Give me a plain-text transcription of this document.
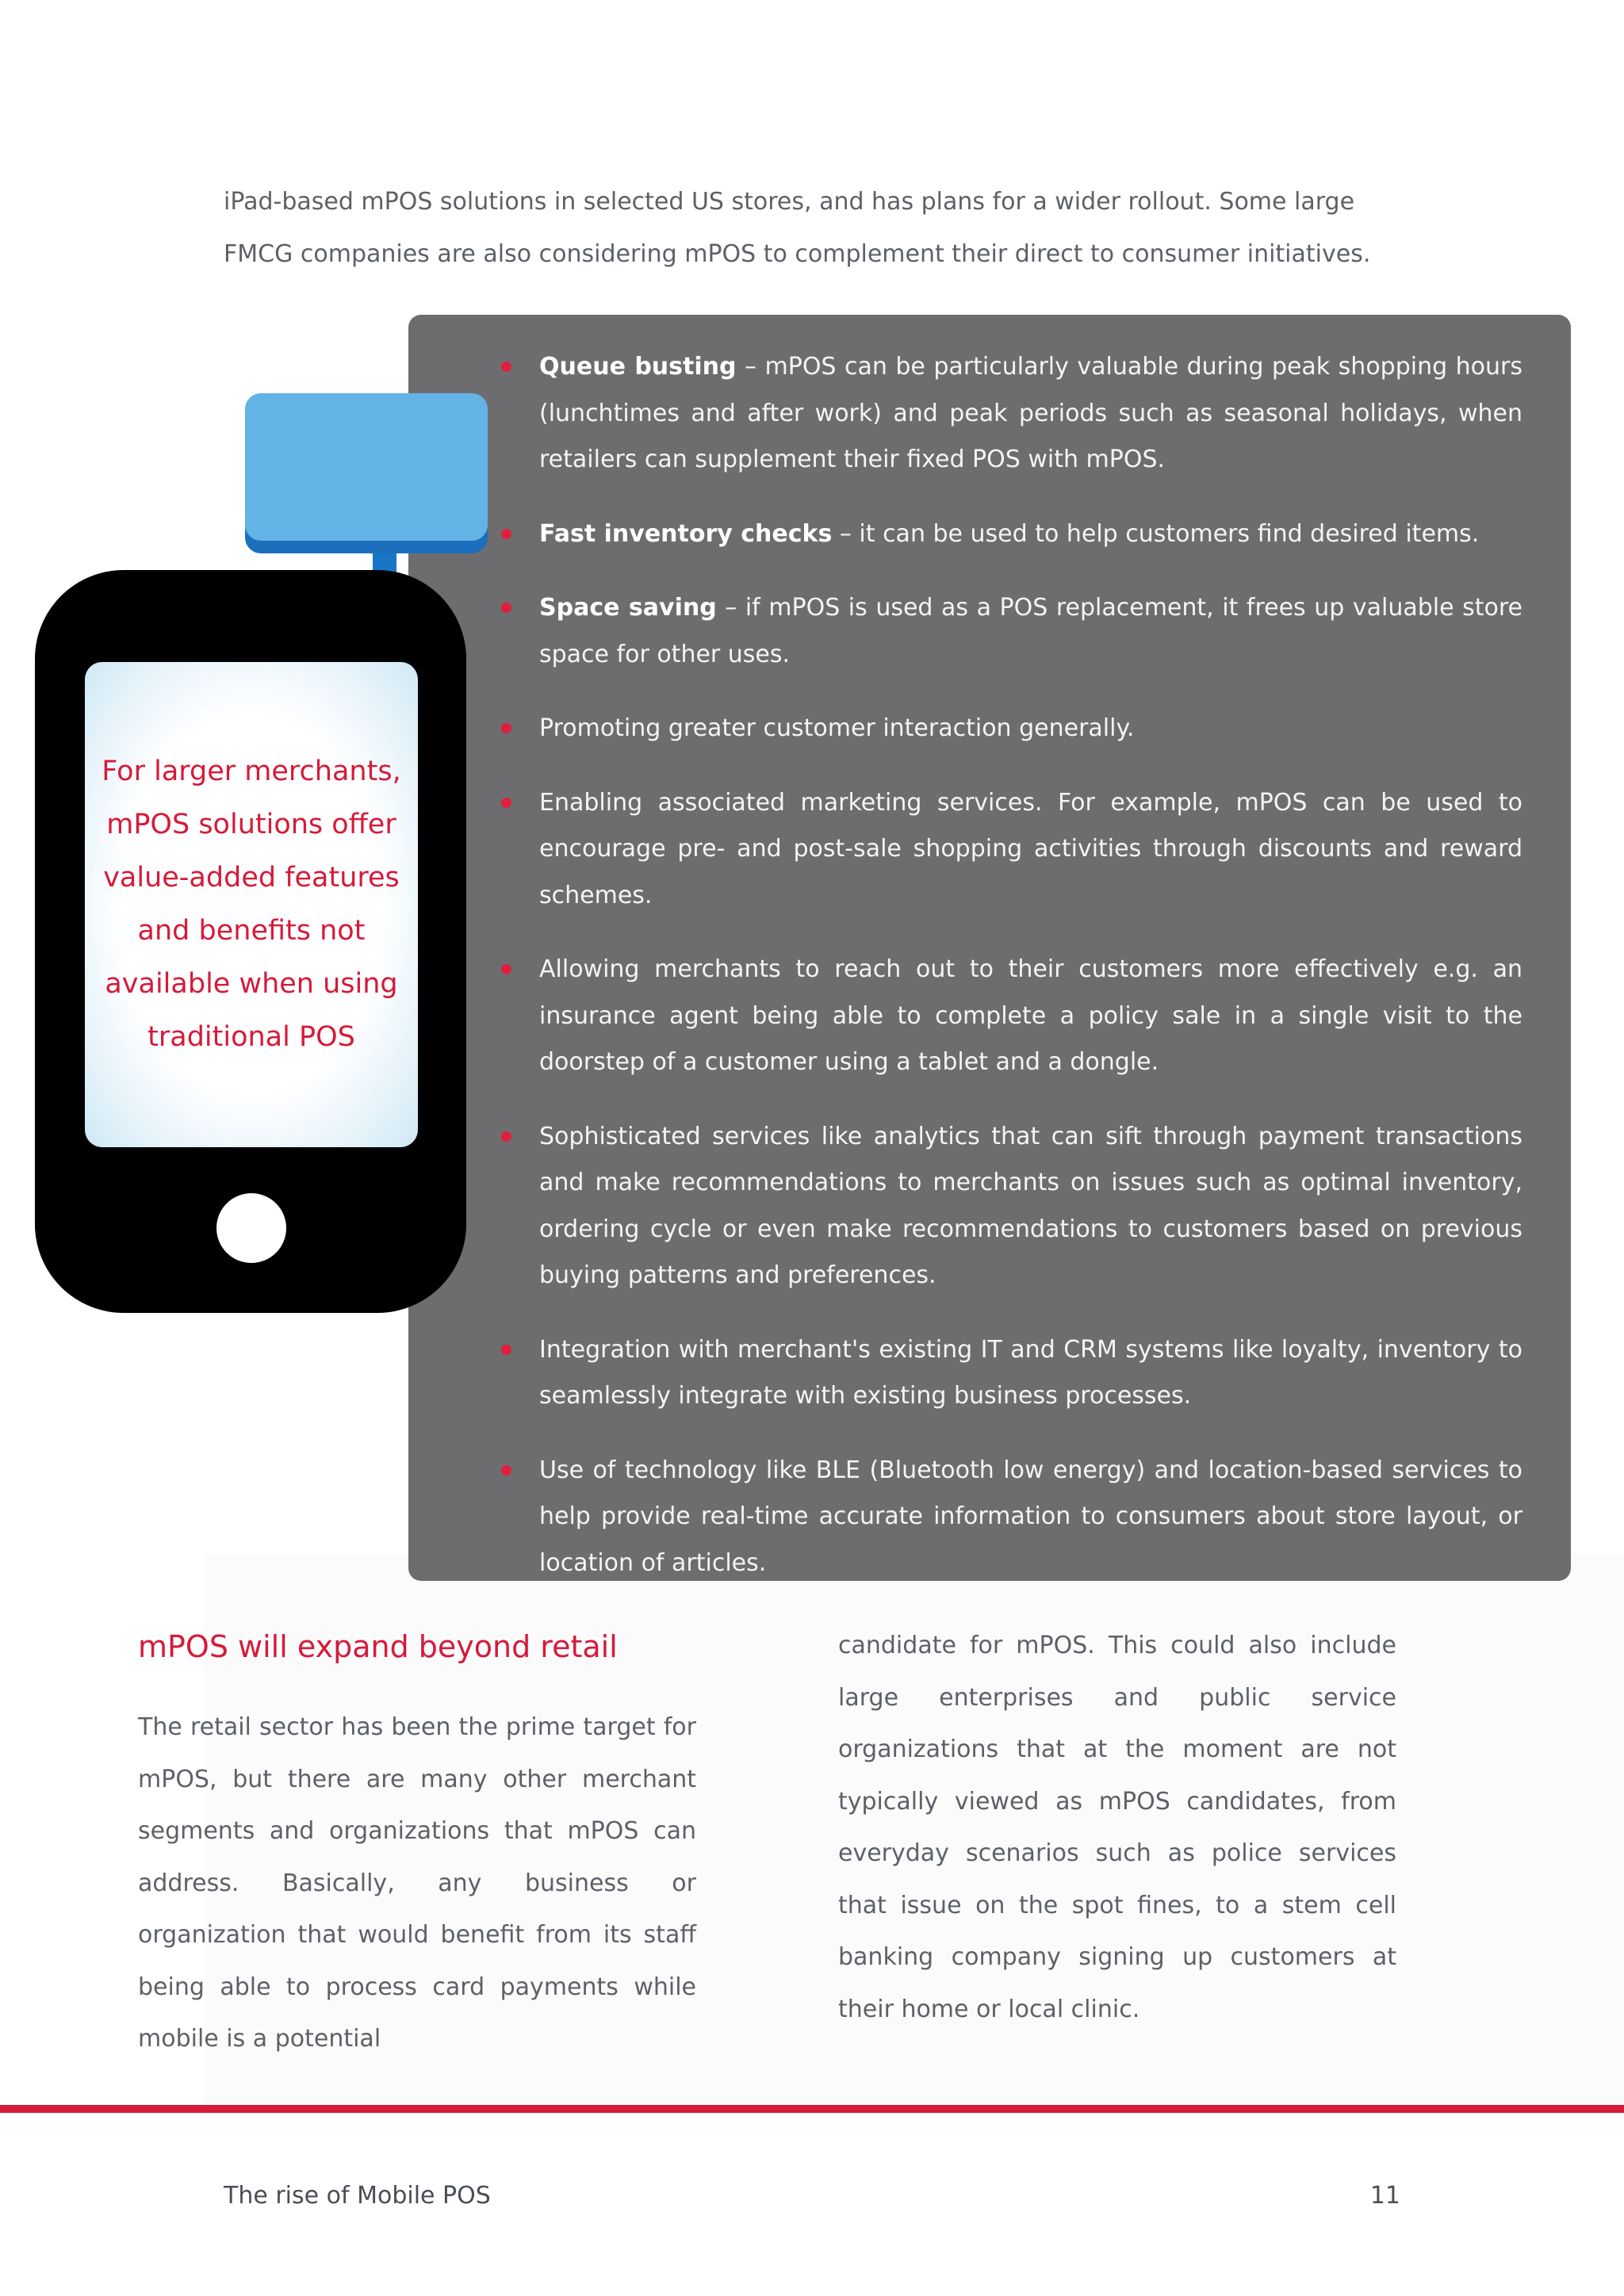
iPad-based mPOS solutions in selected US stores, and has plans for a wider rollout. Some large FMCG companies are also considering mPOS to complement their direct to consumer initiatives.

Queue busting – mPOS can be particularly valuable during peak shopping hours (lunchtimes and after work) and peak periods such as seasonal holidays, when retailers can supplement their fixed POS with mPOS.
Fast inventory checks – it can be used to help customers find desired items.
Space saving – if mPOS is used as a POS replacement, it frees up valuable store space for other uses.
Promoting greater customer interaction generally.
Enabling associated marketing services. For example, mPOS can be used to encourage pre- and post-sale shopping activities through discounts and reward schemes.
Allowing merchants to reach out to their customers more effectively e.g. an insurance agent being able to complete a policy sale in a single visit to the doorstep of a customer using a tablet and a dongle.
Sophisticated services like analytics that can sift through payment transactions and make recommendations to merchants on issues such as optimal inventory, ordering cycle or even make recommendations to customers based on previous buying patterns and preferences.
Integration with merchant's existing IT and CRM systems like loyalty, inventory to seamlessly integrate with existing business processes.
Use of technology like BLE (Bluetooth low energy) and location-based services to help provide real-time accurate information to consumers about store layout, or location of articles.

For larger merchants, mPOS solutions offer value-added features and benefits not available when using traditional POS

mPOS will expand beyond retail

The retail sector has been the prime target for mPOS, but there are many other merchant segments and organizations that mPOS can address. Basically, any business or organization that would benefit from its staff being able to process card payments while mobile is a potential

candidate for mPOS. This could also include large enterprises and public service organizations that at the moment are not typically viewed as mPOS candidates, from everyday scenarios such as police services that issue on the spot fines, to a stem cell banking company signing up customers at their home or local clinic.

The rise of Mobile POS	11
